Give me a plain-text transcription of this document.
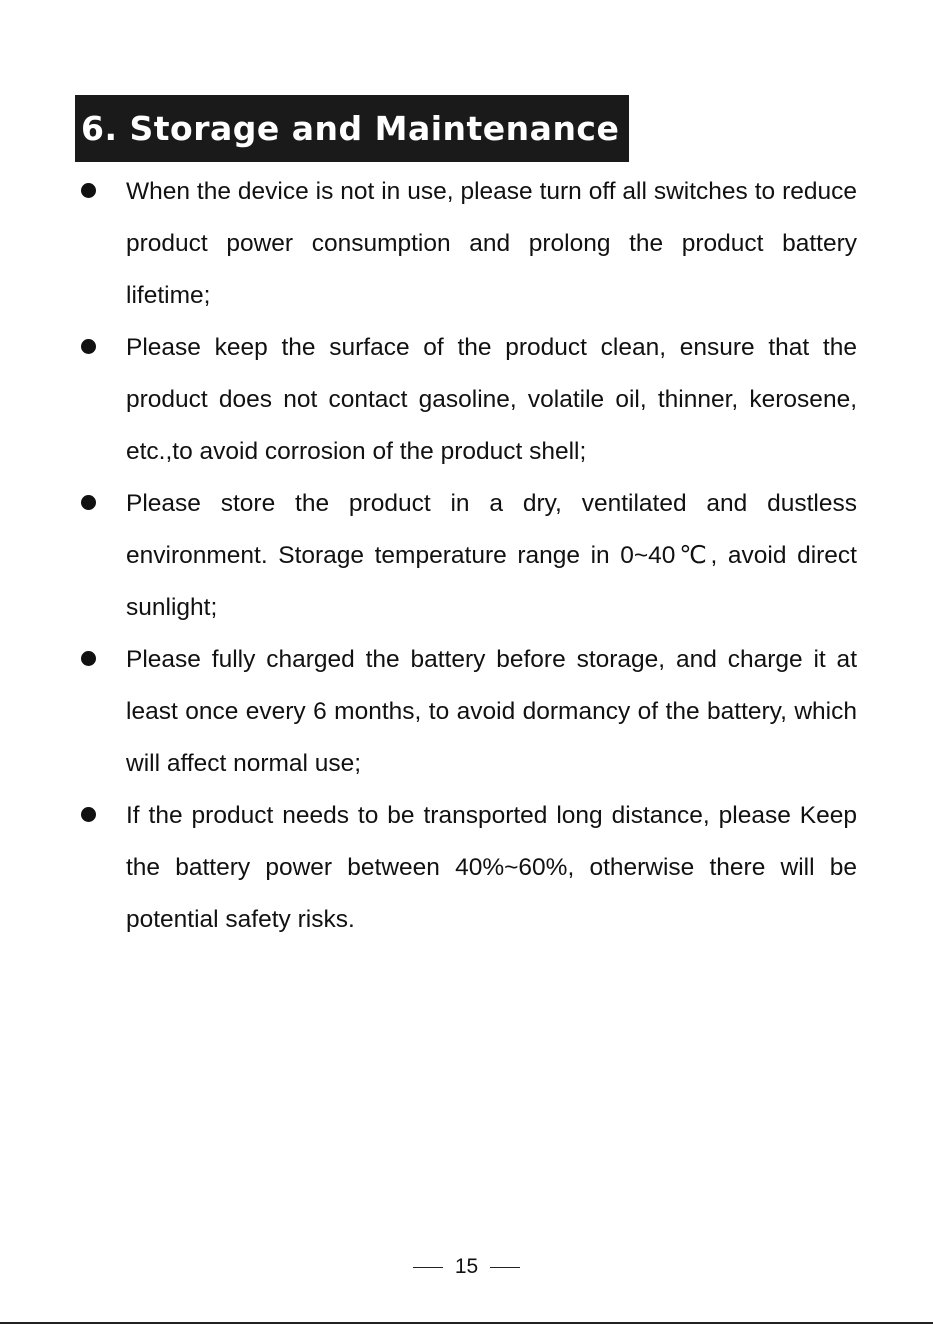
6. Storage and Maintenance

When the device is not in use, please turn off all switches to reduce product power consumption and prolong the product battery lifetime;

Please keep the surface of the product clean, ensure that the product does not contact gasoline, volatile oil, thinner, kerosene, etc.,to avoid corrosion of the product shell;

Please store the product in a dry, ventilated and dustless environment. Storage temperature range in 0~40℃, avoid direct sunlight;

Please fully charged the battery before storage, and charge it at least once every 6 months, to avoid dormancy of the battery, which will affect normal use;

If the product needs to be transported long distance, please Keep the battery power between 40%~60%, otherwise there will be potential safety risks.

15
